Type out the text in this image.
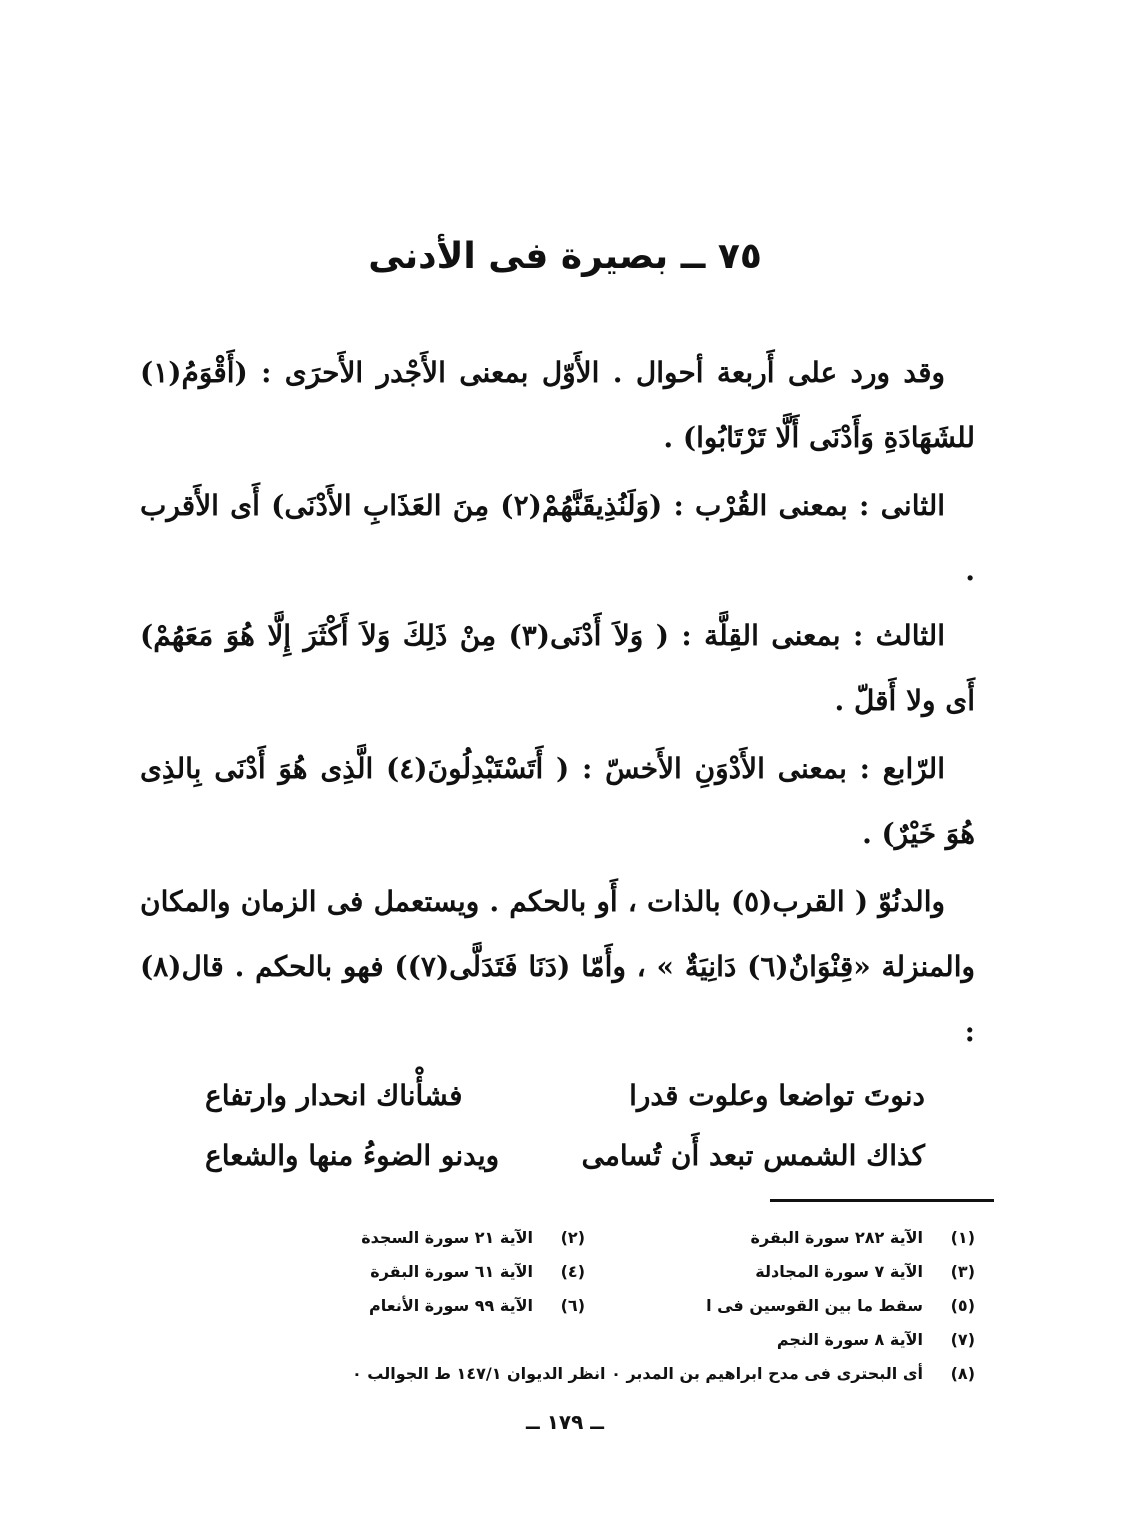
٧٥ ــ بصيرة فى الأدنى

وقد ورد على أَربعة أحوال . الأَوّل بمعنى الأَجْدر الأَحرَى : (أَقْوَمُ(١) للشَهَادَةِ وَأَدْنَى أَلَّا تَرْتَابُوا) .

الثانى : بمعنى القُرْب : (وَلَنُذِيقَنَّهُمْ(٢) مِنَ العَذَابِ الأَدْنَى) أَى الأَقرب .

الثالث : بمعنى القِلَّة : ( وَلاَ أَدْنَى(٣) مِنْ ذَلِكَ وَلاَ أَكْثَرَ إِلَّا هُوَ مَعَهُمْ) أَى ولا أَقلّ .

الرّابع : بمعنى الأَدْوَنِ الأَخسّ : ( أَتَسْتَبْدِلُونَ(٤) الَّذِى هُوَ أَدْنَى بِالذِى هُوَ خَيْرٌ) .

والدنُوّ ( القرب(٥) بالذات ، أَو بالحكم . ويستعمل فى الزمان والمكان والمنزلة «قِنْوَانٌ(٦) دَانِيَةٌ » ، وأَمّا (دَنَا فَتَدَلَّى(٧)) فهو بالحكم . قال(٨) :

دنوتَ تواضعا وعلوت قدرا
فشأْناك انحدار وارتفاع
كذاك الشمس تبعد أَن تُسامى
ويدنو الضوءُ منها والشعاع
(١)
الآية ٢٨٢ سورة البقرة
(٢)
الآية ٢١ سورة السجدة
(٣)
الآية ٧ سورة المجادلة
(٤)
الآية ٦١ سورة البقرة
(٥)
سقط ما بين القوسين فى ا
(٦)
الآية ٩٩ سورة الأنعام
(٧)
الآية ٨ سورة النجم
(٨)
أى البحترى فى مدح ابراهيم بن المدبر ٠ انظر الديوان ١٤٧/١ ط الجوالب ٠
ــ ١٧٩ ــ
